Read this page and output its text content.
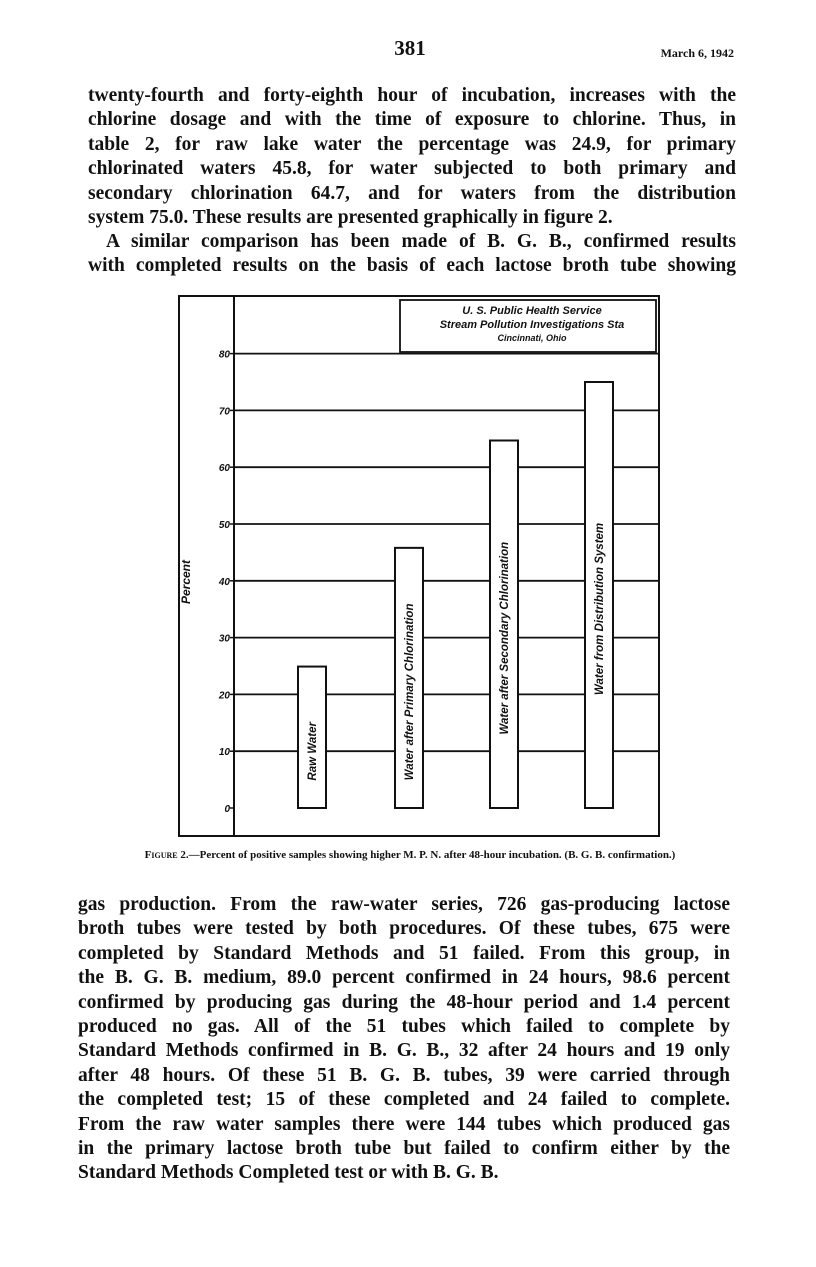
381	March 6, 1942
twenty-fourth and forty-eighth hour of incubation, increases with the
chlorine dosage and with the time of exposure to chlorine. Thus, in
table 2, for raw lake water the percentage was 24.9, for primary
chlorinated waters 45.8, for water subjected to both primary and
secondary chlorination 64.7, and for waters from the distribution
system 75.0. These results are presented graphically in figure 2.
A similar comparison has been made of B. G. B., confirmed results
with completed results on the basis of each lactose broth tube showing
0
10
20
30
40
50
60
70
80
Percent
Raw Water	Water after Primary Chlorination	Water after Secondary Chlorination	Water from Distribution System
U. S. Public Health Service
Stream Pollution Investigations Sta
Cincinnati, Ohio
Figure 2.—Percent of positive samples showing higher M. P. N. after 48-hour incubation. (B. G. B. confirmation.)
gas production. From the raw-water series, 726 gas-producing lactose
broth tubes were tested by both procedures. Of these tubes, 675 were
completed by Standard Methods and 51 failed. From this group, in
the B. G. B. medium, 89.0 percent confirmed in 24 hours, 98.6 percent
confirmed by producing gas during the 48-hour period and 1.4 percent
produced no gas. All of the 51 tubes which failed to complete by
Standard Methods confirmed in B. G. B., 32 after 24 hours and 19 only
after 48 hours. Of these 51 B. G. B. tubes, 39 were carried through
the completed test; 15 of these completed and 24 failed to complete.
From the raw water samples there were 144 tubes which produced gas
in the primary lactose broth tube but failed to confirm either by the
Standard Methods Completed test or with B. G. B.
